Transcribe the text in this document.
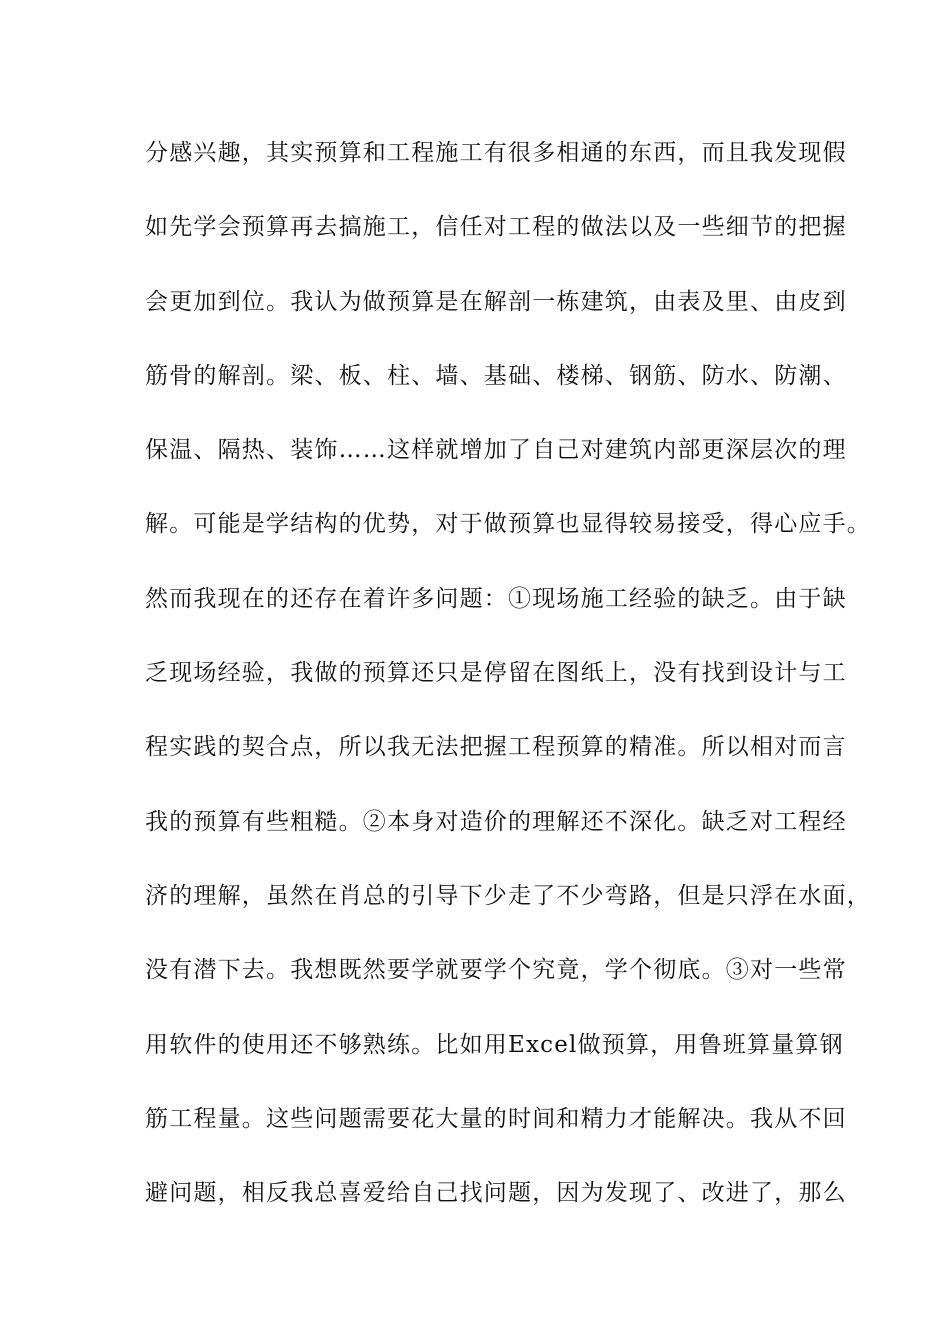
分感兴趣，其实预算和工程施工有很多相通的东西，而且我发现假
如先学会预算再去搞施工，信任对工程的做法以及一些细节的把握
会更加到位。我认为做预算是在解剖一栋建筑，由表及里、由皮到
筋骨的解剖。梁、板、柱、墙、基础、楼梯、钢筋、防水、防潮、
保温、隔热、装饰……这样就增加了自己对建筑内部更深层次的理
解。可能是学结构的优势，对于做预算也显得较易接受，得心应手。
然而我现在的还存在着许多问题：①现场施工经验的缺乏。由于缺
乏现场经验，我做的预算还只是停留在图纸上，没有找到设计与工
程实践的契合点，所以我无法把握工程预算的精准。所以相对而言
我的预算有些粗糙。②本身对造价的理解还不深化。缺乏对工程经
济的理解，虽然在肖总的引导下少走了不少弯路，但是只浮在水面，
没有潜下去。我想既然要学就要学个究竟，学个彻底。③对一些常
用软件的使用还不够熟练。比如用Excel做预算，用鲁班算量算钢
筋工程量。这些问题需要花大量的时间和精力才能解决。我从不回
避问题，相反我总喜爱给自己找问题，因为发现了、改进了，那么
